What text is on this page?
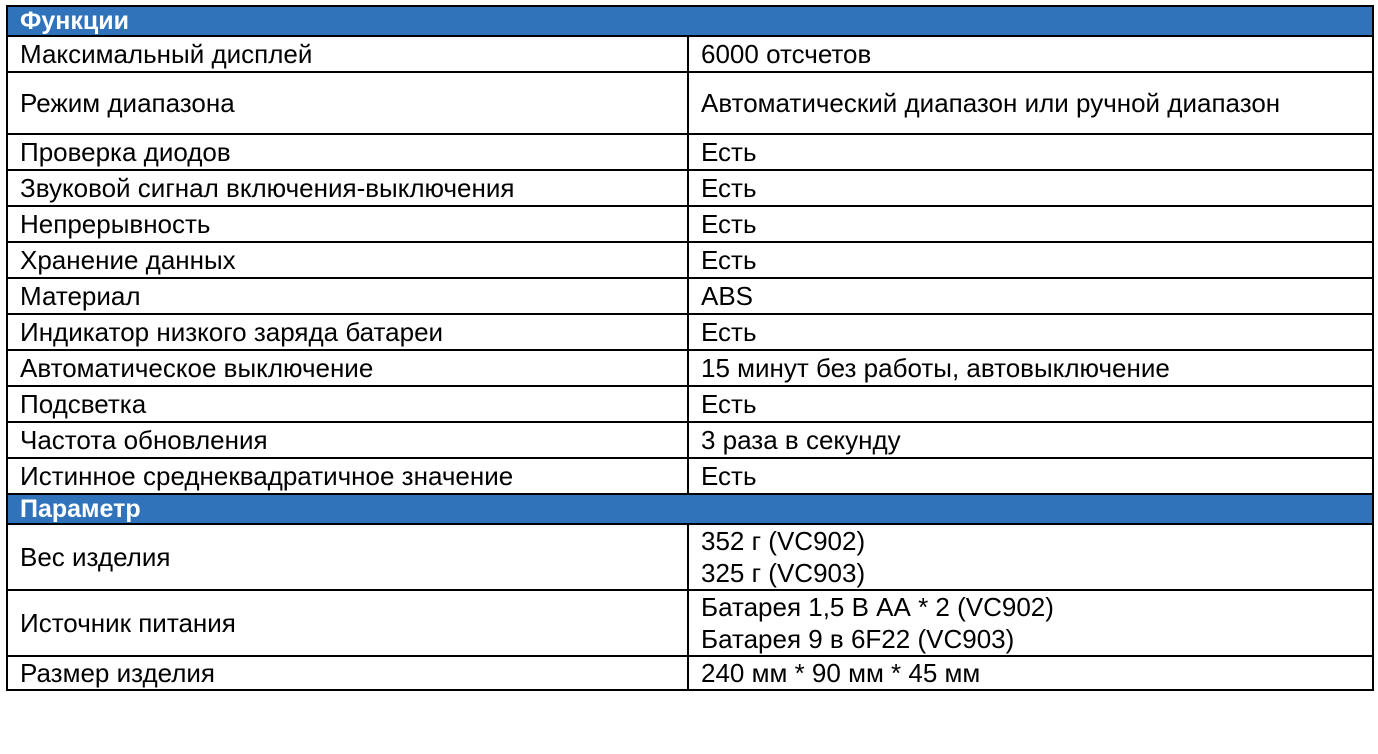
Функции	
Максимальный дисплей	6000 отсчетов
Режим диапазона	Автоматический диапазон или ручной диапазон
Проверка диодов	Есть
Звуковой сигнал включения-выключения	Есть
Непрерывность	Есть
Хранение данных	Есть
Материал	ABS
Индикатор низкого заряда батареи	Есть
Автоматическое выключение	15 минут без работы, автовыключение
Подсветка	Есть
Частота обновления	3 раза в секунду
Истинное среднеквадратичное значение	Есть
Параметр	
Вес изделия	352 г (VC902)
325 г (VC903)

Источник питания	Батарея 1,5 В АА * 2 (VC902)
Батарея 9 в 6F22 (VC903)

Размер изделия	240 мм * 90 мм * 45 мм
